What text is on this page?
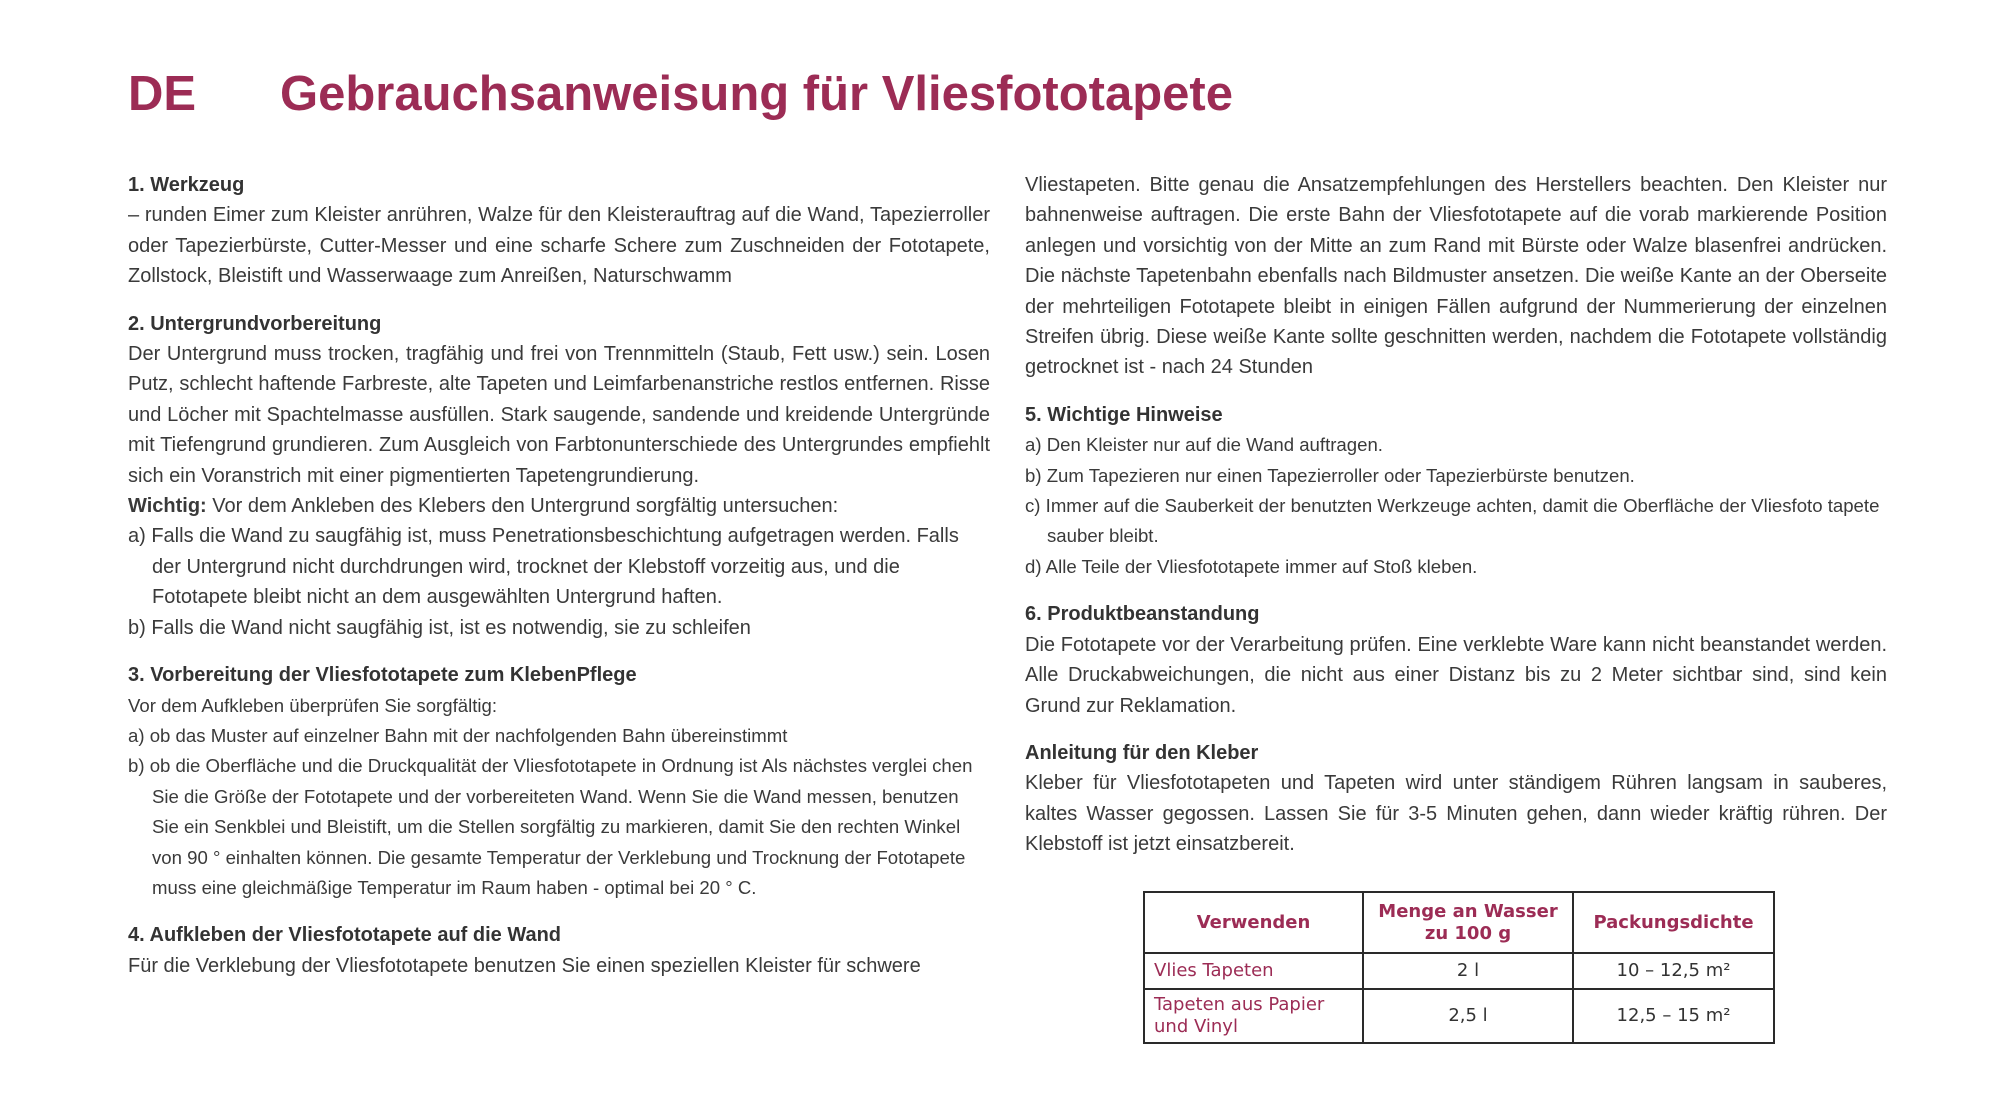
DE Gebrauchsanweisung für Vliesfototapete
1. Werkzeug

– runden Eimer zum Kleister anrühren, Walze für den Kleisterauftrag auf die Wand, Tapezierroller oder Tapezierbürste, Cutter-Messer und eine scharfe Schere zum Zuschneiden der Fototapete, Zollstock, Bleistift und Wasserwaage zum Anreißen, Naturschwamm

2. Untergrundvorbereitung

Der Untergrund muss trocken, tragfähig und frei von Trennmitteln (Staub, Fett usw.) sein. Losen Putz, schlecht haftende Farbreste, alte Tapeten und Leimfarbenanstriche restlos entfernen. Risse und Löcher mit Spachtelmasse ausfüllen. Stark saugende, sandende und kreidende Untergründe mit Tiefengrund grundieren. Zum Ausgleich von Farbtonunterschiede des Untergrundes empfiehlt sich ein Voranstrich mit einer pigmentierten Tapetengrundierung.

Wichtig: Vor dem Ankleben des Klebers den Untergrund sorgfältig untersuchen:

a) Falls die Wand zu saugfähig ist, muss Penetrationsbeschichtung aufgetragen werden. Falls der Untergrund nicht durchdrungen wird, trocknet der Klebstoff vorzeitig aus, und die Fototapete bleibt nicht an dem ausgewählten Untergrund haften.

b) Falls die Wand nicht saugfähig ist, ist es notwendig, sie zu schleifen

3. Vorbereitung der Vliesfototapete zum KlebenPflege

Vor dem Aufkleben überprüfen Sie sorgfältig:

a) ob das Muster auf einzelner Bahn mit der nachfolgenden Bahn übereinstimmt

b) ob die Oberfläche und die Druckqualität der Vliesfototapete in Ordnung ist Als nächstes verglei chen Sie die Größe der Fototapete und der vorbereiteten Wand. Wenn Sie die Wand messen, benutzen Sie ein Senkblei und Bleistift, um die Stellen sorgfältig zu markieren, damit Sie den rechten Winkel von 90 ° einhalten können. Die gesamte Temperatur der Verklebung und Trocknung der Fototapete muss eine gleichmäßige Temperatur im Raum haben - optimal bei 20 ° C.

4. Aufkleben der Vliesfototapete auf die Wand

Für die Verklebung der Vliesfototapete benutzen Sie einen speziellen Kleister für schwere

Vliestapeten. Bitte genau die Ansatzempfehlungen des Herstellers beachten. Den Kleister nur bahnenweise auftragen. Die erste Bahn der Vliesfototapete auf die vorab markierende Position anlegen und vorsichtig von der Mitte an zum Rand mit Bürste oder Walze blasenfrei andrücken. Die nächste Tapetenbahn ebenfalls nach Bildmuster ansetzen. Die weiße Kante an der Oberseite der mehrteiligen Fototapete bleibt in einigen Fällen aufgrund der Nummerierung der einzelnen Streifen übrig. Diese weiße Kante sollte geschnitten werden, nachdem die Fototapete vollständig getrocknet ist - nach 24 Stunden

5. Wichtige Hinweise

a) Den Kleister nur auf die Wand auftragen.

b) Zum Tapezieren nur einen Tapezierroller oder Tapezierbürste benutzen.

c) Immer auf die Sauberkeit der benutzten Werkzeuge achten, damit die Oberfläche der Vliesfoto tapete sauber bleibt.

d) Alle Teile der Vliesfototapete immer auf Stoß kleben.

6. Produktbeanstandung

Die Fototapete vor der Verarbeitung prüfen. Eine verklebte Ware kann nicht beanstandet werden. Alle Druckabweichungen, die nicht aus einer Distanz bis zu 2 Meter sichtbar sind, sind kein Grund zur Reklamation.

Anleitung für den Kleber

Kleber für Vliesfototapeten und Tapeten wird unter ständigem Rühren langsam in sauberes, kaltes Wasser gegossen. Lassen Sie für 3-5 Minuten gehen, dann wieder kräftig rühren. Der Klebstoff ist jetzt einsatzbereit.

Verwenden	Menge an Wasser zu 100 g	Packungsdichte
Vlies Tapeten	2 l	10 – 12,5 m²
Tapeten aus Papier und Vinyl	2,5 l	12,5 – 15 m²
